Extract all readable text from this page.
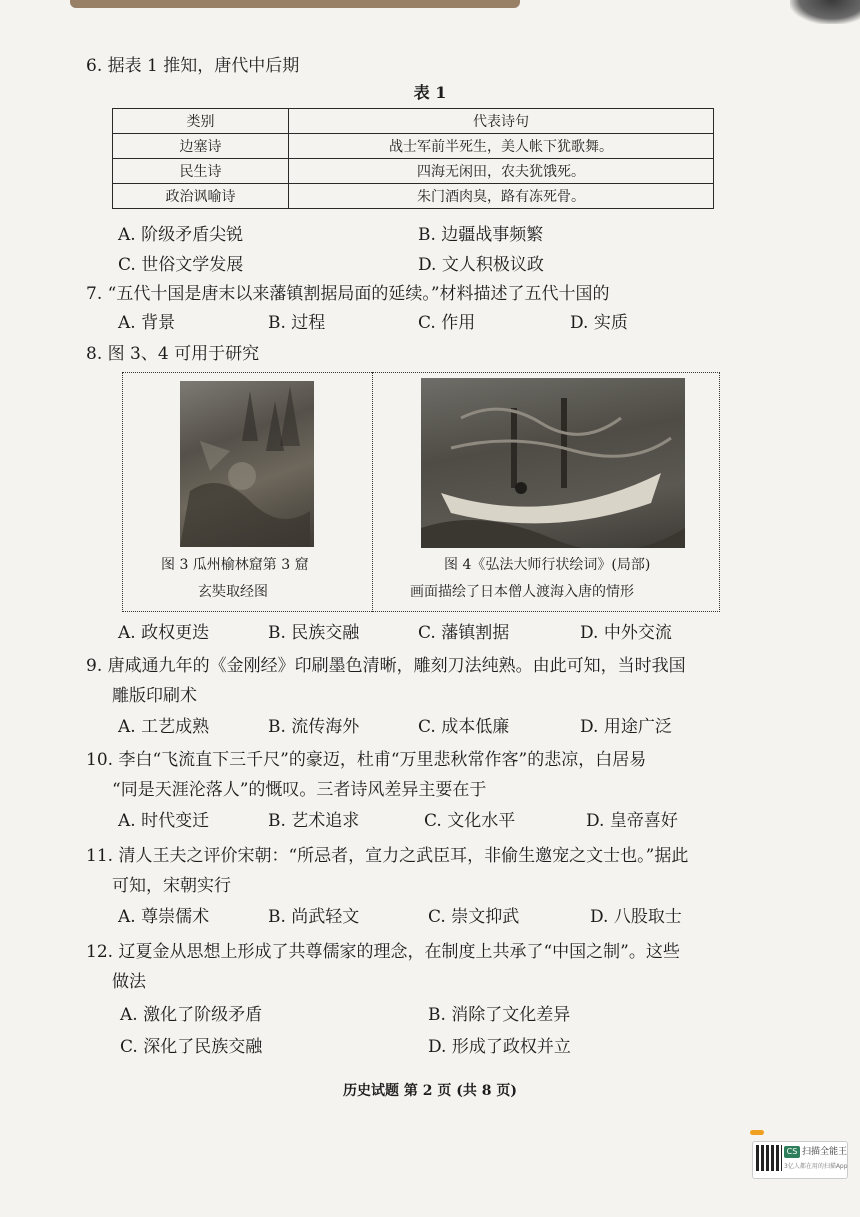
6. 据表 1 推知，唐代中后期
表 1
类别	代表诗句
边塞诗	战士军前半死生，美人帐下犹歌舞。
民生诗	四海无闲田，农夫犹饿死。
政治讽喻诗	朱门酒肉臭，路有冻死骨。
A. 阶级矛盾尖锐	B. 边疆战事频繁
C. 世俗文学发展	D. 文人积极议政
7. “五代十国是唐末以来藩镇割据局面的延续。”材料描述了五代十国的
A. 背景	B. 过程	C. 作用	D. 实质
8. 图 3、4 可用于研究
图 3 瓜州榆林窟第 3 窟
玄奘取经图
图 4《弘法大师行状绘词》(局部)
画面描绘了日本僧人渡海入唐的情形
A. 政权更迭	B. 民族交融	C. 藩镇割据	D. 中外交流
9. 唐咸通九年的《金刚经》印刷墨色清晰，雕刻刀法纯熟。由此可知，当时我国
雕版印刷术
A. 工艺成熟	B. 流传海外	C. 成本低廉	D. 用途广泛
10. 李白“飞流直下三千尺”的豪迈，杜甫“万里悲秋常作客”的悲凉，白居易
“同是天涯沦落人”的慨叹。三者诗风差异主要在于
A. 时代变迁	B. 艺术追求	C. 文化水平	D. 皇帝喜好
11. 清人王夫之评价宋朝：“所忌者，宣力之武臣耳，非偷生邀宠之文士也。”据此
可知，宋朝实行
A. 尊崇儒术	B. 尚武轻文	C. 崇文抑武	D. 八股取士
12. 辽夏金从思想上形成了共尊儒家的理念，在制度上共承了“中国之制”。这些
做法
A. 激化了阶级矛盾	B. 消除了文化差异
C. 深化了民族交融	D. 形成了政权并立
历史试题 第 2 页 (共 8 页)
CS 扫描全能王
3亿人都在用的扫描App
